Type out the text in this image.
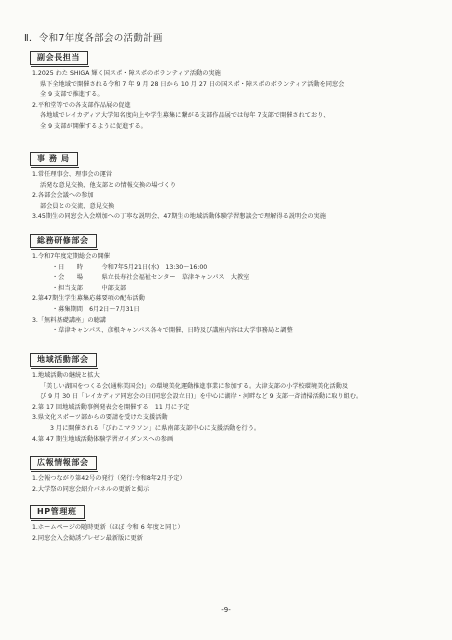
Ⅱ．令和7年度各部会の活動計画
副会長担当
1.2025 わた SHIGA 輝く国スポ・障スポのボランティア活動の実施
県下全地域で開催される令和 7 年 9 月 28 日から 10 月 27 日の国スポ・障スポのボランティア活動を同窓会
全 9 支部で推進する。
2.平和堂等での各支部作品展の促進
各地域でレイカディア大学知名度向上や学生募集に繋がる支部作品展では毎年 7支部で開催されており、
全 9 支部が開催するように促進する。
事 務 局
1.常任理事会、理事会の運営
活発な意見交換、他支部との情報交換の場づくり
2.各部会会議への参加
部会員との交流、意見交換
3.45期生の同窓会入会増加への丁寧な説明会、47期生の地域活動体験学習懇談会で理解得る説明会の実施
総務研修部会
1.令和7年度定期総会の開催
・日　　時　　　令和7年5月21日(水)　13:30～16:00
・会　　場　　　県立長寿社会福祉センター　草津キャンパス　大教室
・担当支部　　　中部支部
2.第47期生学生募集応募要項の配布活動
・募集期間　6月2日～7月31日
3.「無料基礎講座」の聴講
・草津キャンパス、彦根キャンパス各々で開催、日時及び講座内容は大学事務局と調整
地域活動部会
1.地域活動の継続と拡大
「美しい湖国をつくる会(通称美国会)」の環境美化運動推進事業に参加する。大津支部の小学校環境美化活動及
び 9 月 30 日「レイカディア同窓会の日(同窓会設立日)」を中心に湖岸・河畔など 9 支部一斉清掃活動に取り組む。
2.第 17 回地域活動事例発表会を開催する　11 月に予定
3.県文化スポーツ部からの要請を受けた支援活動
3 月に開催される「びわこマラソン」に県南部支部中心に支援活動を行う。
4.第 47 期生地域活動体験学習ガイダンスへの参画
広報情報部会
1.会報つながり第42号の発行（発行:令和8年2月予定）
2.大学祭の同窓会紹介パネルの更新と掲示
HP管理班
1.ホームページの随時更新（ほぼ 令和 6 年度と同じ）
2.同窓会入会勧誘プレゼン最新版に更新
-9-
